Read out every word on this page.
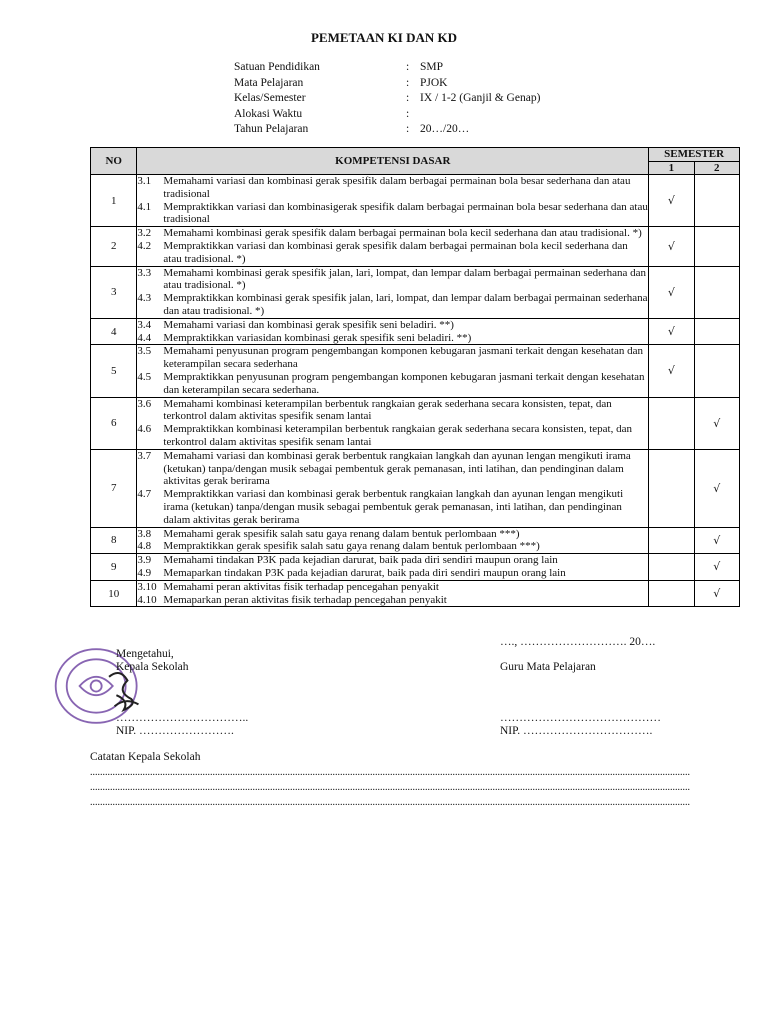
PEMETAAN KI DAN KD
Satuan Pendidikan	: SMP
Mata Pelajaran	: PJOK
Kelas/Semester	: IX / 1-2 (Ganjil & Genap)
Alokasi Waktu	:
Tahun Pelajaran	: 20…/20…
NO	KOMPETENSI DASAR	SEMESTER	
		1	2
1	3.1 Memahami variasi dan kombinasi gerak spesifik dalam berbagai permainan bola besar sederhana dan atau tradisional
4.1 Mempraktikkan variasi dan kombinasigerak spesifik dalam berbagai permainan bola besar sederhana dan atau tradisional	√	
2	3.2 Memahami kombinasi gerak spesifik dalam berbagai permainan bola kecil sederhana dan atau tradisional. *)
4.2 Mempraktikkan variasi dan kombinasi gerak spesifik dalam berbagai permainan bola kecil sederhana dan atau tradisional. *)	√	
3	3.3 Memahami kombinasi gerak spesifik jalan, lari, lompat, dan lempar dalam berbagai permainan sederhana dan atau tradisional. *)
4.3 Mempraktikkan kombinasi gerak spesifik jalan, lari, lompat, dan lempar dalam berbagai permainan sederhana dan atau tradisional. *)	√	
4	3.4 Memahami variasi dan kombinasi gerak spesifik seni beladiri. **)
4.4 Mempraktikkan variasidan kombinasi gerak spesifik seni beladiri. **)	√	
5	3.5 Memahami penyusunan program pengembangan komponen kebugaran jasmani terkait dengan kesehatan dan keterampilan secara sederhana
4.5 Mempraktikkan penyusunan program pengembangan komponen kebugaran jasmani terkait dengan kesehatan dan keterampilan secara sederhana.	√	
6	3.6 Memahami kombinasi keterampilan berbentuk rangkaian gerak sederhana secara konsisten, tepat, dan terkontrol dalam aktivitas spesifik senam lantai
4.6 Mempraktikkan kombinasi keterampilan berbentuk rangkaian gerak sederhana secara konsisten, tepat, dan terkontrol dalam aktivitas spesifik senam lantai		√
7	3.7 Memahami variasi dan kombinasi gerak berbentuk rangkaian langkah dan ayunan lengan mengikuti irama (ketukan) tanpa/dengan musik sebagai pembentuk gerak pemanasan, inti latihan, dan pendinginan dalam aktivitas gerak berirama
4.7 Mempraktikkan variasi dan kombinasi gerak berbentuk rangkaian langkah dan ayunan lengan mengikuti irama (ketukan) tanpa/dengan musik sebagai pembentuk gerak pemanasan, inti latihan, dan pendinginan dalam aktivitas gerak berirama		√
8	3.8 Memahami gerak spesifik salah satu gaya renang dalam bentuk perlombaan ***)
4.8 Mempraktikkan gerak spesifik salah satu gaya renang dalam bentuk perlombaan ***)		√
9	3.9 Memahami tindakan P3K pada kejadian darurat, baik pada diri sendiri maupun orang lain
4.9 Memaparkan tindakan P3K pada kejadian darurat, baik pada diri sendiri maupun orang lain		√
10	3.10 Memahami peran aktivitas fisik terhadap pencegahan penyakit
4.10 Memaparkan peran aktivitas fisik terhadap pencegahan penyakit		√
Mengetahui,
Kepala Sekolah
……………………………..
NIP. …………………….
…., ………………………. 20….
Guru Mata Pelajaran
……………………………………
NIP. …………………………….
Catatan Kepala Sekolah
................................................................................................................................................................................................................................................
................................................................................................................................................................................................................................................
................................................................................................................................................................................................................................................
